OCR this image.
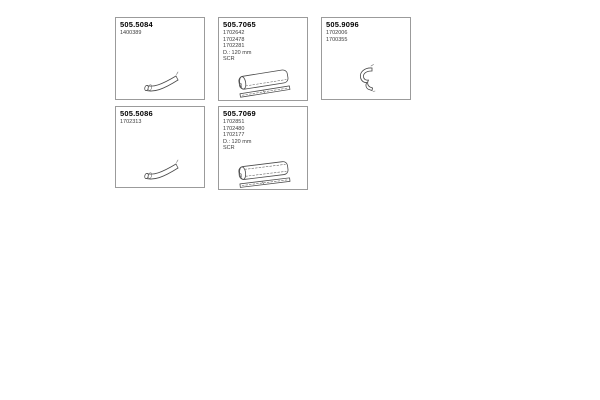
505.5084
1400389
505.7065
1702642
1702478
1702281
D.: 120 mm
SCR
505.9096
1702006
1700355
505.5086
1702313
505.7069
1702851
1702480
1702177
D.: 120 mm
SCR
